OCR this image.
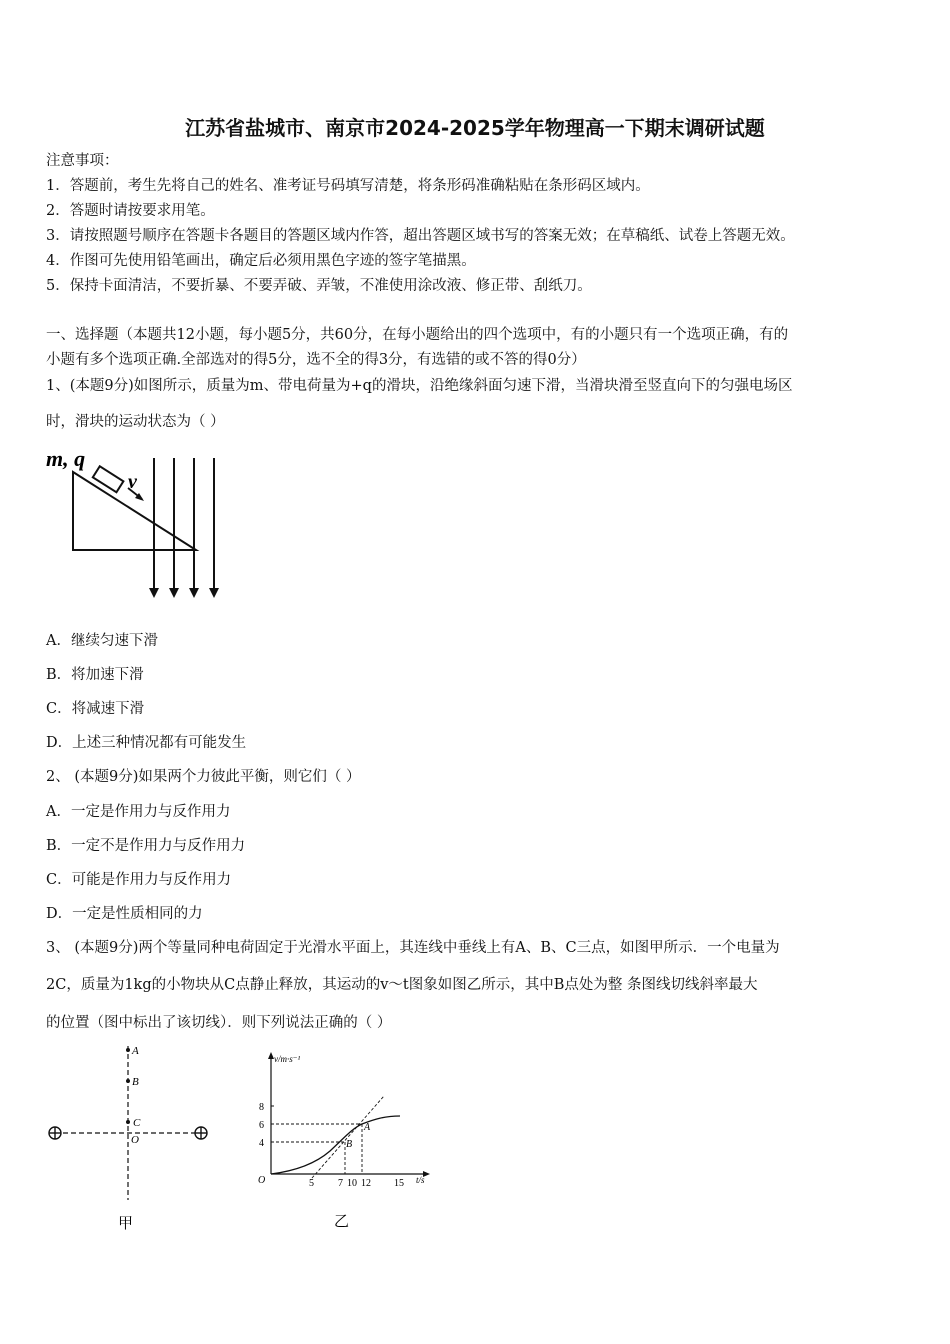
江苏省盐城市、南京市2024-2025学年物理高一下期末调研试题
注意事项：
1．答题前，考生先将自己的姓名、准考证号码填写清楚，将条形码准确粘贴在条形码区域内。
2．答题时请按要求用笔。
3．请按照题号顺序在答题卡各题目的答题区域内作答，超出答题区域书写的答案无效；在草稿纸、试卷上答题无效。
4．作图可先使用铅笔画出，确定后必须用黑色字迹的签字笔描黑。
5．保持卡面清洁，不要折暴、不要弄破、弄皱，不准使用涂改液、修正带、刮纸刀。
一、选择题（本题共12小题，每小题5分，共60分，在每小题给出的四个选项中，有的小题只有一个选项正确，有的
小题有多个选项正确.全部选对的得5分，选不全的得3分，有选错的或不答的得0分）
1、(本题9分)如图所示，质量为m、带电荷量为+q的滑块，沿绝缘斜面匀速下滑，当滑块滑至竖直向下的匀强电场区
时，滑块的运动状态为（ ）
m, q
v
A．继续匀速下滑
B．将加速下滑
C．将减速下滑
D．上述三种情况都有可能发生
2、 (本题9分)如果两个力彼此平衡，则它们（ ）
A．一定是作用力与反作用力
B．一定不是作用力与反作用力
C．可能是作用力与反作用力
D．一定是性质相同的力
3、 (本题9分)两个等量同种电荷固定于光滑水平面上，其连线中垂线上有A、B、C三点，如图甲所示．一个电量为
2C，质量为1kg的小物块从C点静止释放，其运动的v～t图象如图乙所示，其中B点处为整 条图线切线斜率最大
的位置（图中标出了该切线）．则下列说法正确的（ ）
A
B
C
O
甲
v/m·s⁻¹
t/s
O
8
6
4
5 7 10 12 15
A
B
乙
